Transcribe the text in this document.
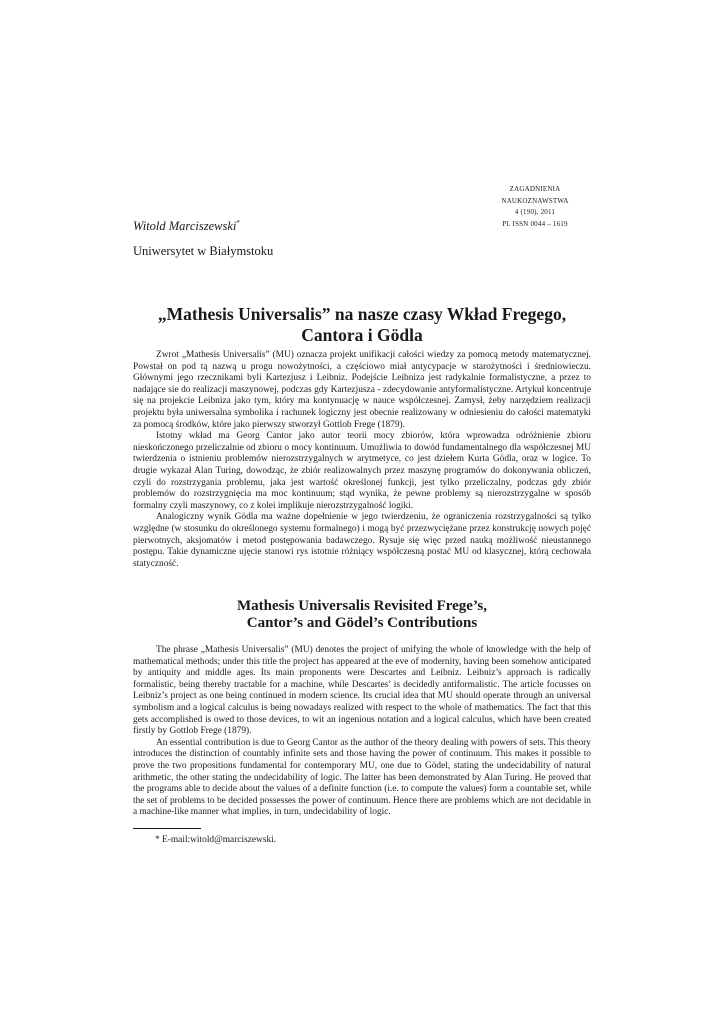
ZAGADNIENIA
NAUKOZNAWSTWA
4 (190), 2011
PL ISSN 0044 – 1619
Witold Marciszewski*
Uniwersytet w Białymstoku
„Mathesis Universalis” na nasze czasy Wkład Fregego,
Cantora i Gödla

Zwrot „Mathesis Universalis” (MU) oznacza projekt unifikacji całości wiedzy za pomocą metody matematycznej. Powstał on pod tą nazwą u progu nowożytności, a częściowo miał antycypacje w starożytności i średniowieczu. Głównymi jego rzecznikami byli Kartezjusz i Leibniz. Podejście Leibniza jest radykalnie formalistyczne, a przez to nadające sie do realizacji maszynowej, podczas gdy Kartezjusza - zdecydowanie antyformalistyczne. Artykuł koncentruje się na projekcie Leibniza jako tym, który ma kontynuację w nauce współczesnej. Zamysł, żeby narzędziem realizacji projektu była uniwersalna symbolika i rachunek logiczny jest obecnie realizowany w odniesieniu do całości matematyki za pomocą środków, które jako pierwszy stworzył Gottlob Frege (1879).

Istotny wkład ma Georg Cantor jako autor teorii mocy zbiorów, która wprowadza odróżnienie zbioru nieskończonego przeliczalnie od zbioru o mocy kontinuum. Umożliwia to dowód fundamentalnego dla współczesnej MU twierdzenia o istnieniu problemów nierozstrzygalnych w arytmetyce, co jest dziełem Kurta Gödla, oraz w logice. To drugie wykazał Alan Turing, dowodząc, że zbiór realizowalnych przez maszynę programów do dokonywania obliczeń, czyli do rozstrzygania problemu, jaka jest wartość określonej funkcji, jest tylko przeliczalny, podczas gdy zbiór problemów do rozstrzygnięcia ma moc kontinuum; stąd wynika, że pewne problemy są nierozstrzygalne w sposób formalny czyli maszynowy, co z kolei implikuje nierozstrzygalność logiki.

Analogiczny wynik Gödla ma ważne dopełnienie w jego twierdzeniu, że ograniczenia rozstrzygalności są tylko względne (w stosunku do określonego systemu formalnego) i mogą być przezwyciężane przez konstrukcję nowych pojęć pierwotnych, aksjomatów i metod postępowania badawczego. Rysuje się więc przed nauką możliwość nieustannego postępu. Takie dynamiczne ujęcie stanowi rys istotnie różniący współczesną postać MU od klasycznej, którą cechowała statyczność.

Mathesis Universalis Revisited Frege’s,
Cantor’s and Gödel’s Contributions

The phrase „Mathesis Universalis” (MU) denotes the project of unifying the whole of knowledge with the help of mathematical methods; under this title the project has appeared at the eve of modernity, having been somehow anticipated by antiquity and middle ages. Its main proponents were Descartes and Leibniz. Leibniz’s approach is radically formalistic, being thereby tractable for a machine, while Descartes’ is decidedly antiformalistic. The article focusses on Leibniz’s project as one being continued in modern science. Its crucial idea that MU should operate through an universal symbolism and a logical calculus is being nowadays realized with respect to the whole of mathematics. The fact that this gets accomplished is owed to those devices, to wit an ingenious notation and a logical calculus, which have been created firstly by Gottlob Frege (1879).

An essential contribution is due to Georg Cantor as the author of the theory dealing with powers of sets. This theory introduces the distinction of countably infinite sets and those having the power of continuum. This makes it possible to prove the two propositions fundamental for contemporary MU, one due to Gödel, stating the undecidability of natural arithmetic, the other stating the undecidability of logic. The latter has been demonstrated by Alan Turing. He proved that the programs able to decide about the values of a definite function (i.e. to compute the values) form a countable set, while the set of problems to be decided possesses the power of continuum. Hence there are problems which are not decidable in a machine-like manner what implies, in turn, undecidability of logic.

* E-mail:witold@marciszewski.
